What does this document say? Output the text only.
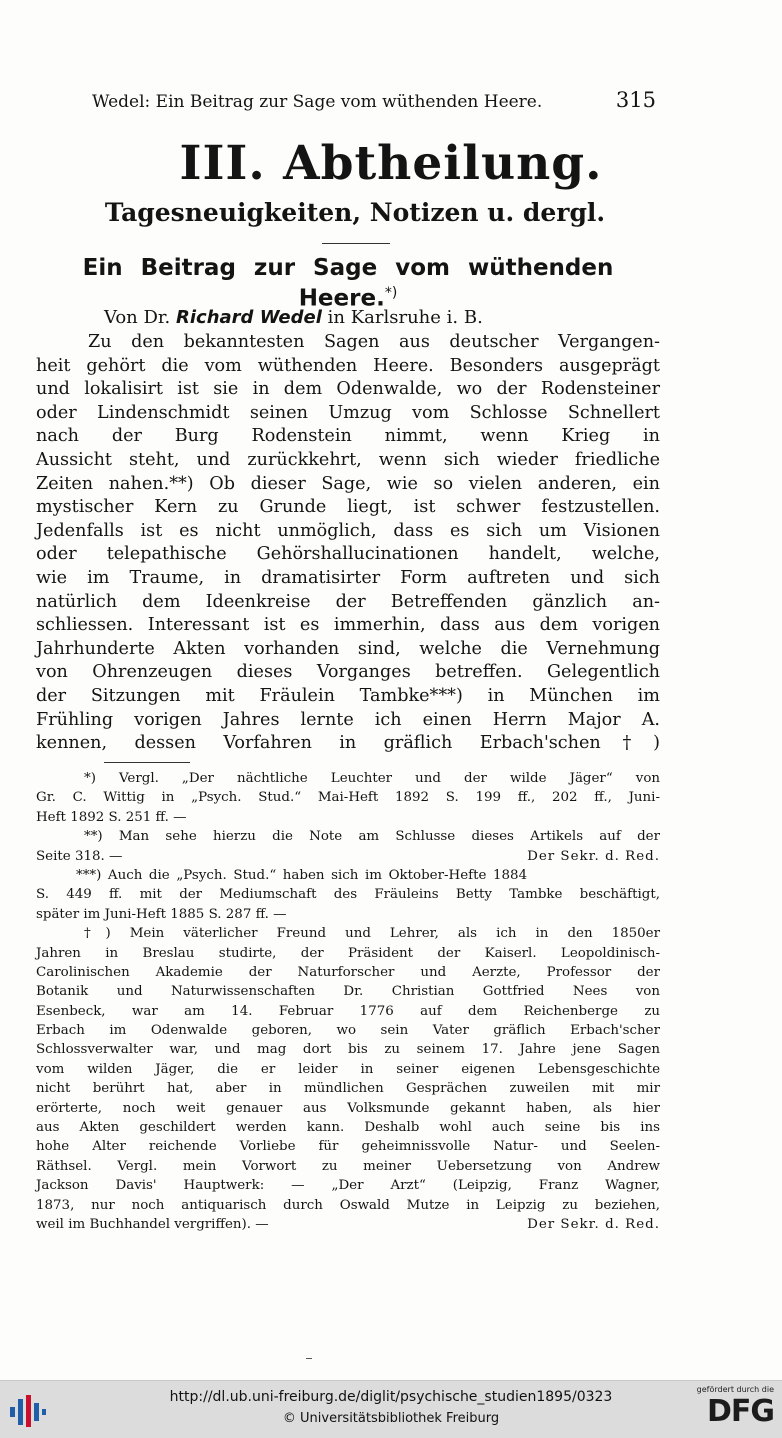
Wedel: Ein Beitrag zur Sage vom wüthenden Heere.	315
III. Abtheilung.
Tagesneuigkeiten, Notizen u. dergl.
Ein Beitrag zur Sage vom wüthenden Heere.*)
Von Dr. Richard Wedel in Karlsruhe i. B.
Zu den bekanntesten Sagen aus deutscher Vergangen-
heit gehört die vom wüthenden Heere. Besonders ausgeprägt
und lokalisirt ist sie in dem Odenwalde, wo der Rodensteiner
oder Lindenschmidt seinen Umzug vom Schlosse Schnellert
nach der Burg Rodenstein nimmt, wenn Krieg in
Aussicht steht, und zurückkehrt, wenn sich wieder friedliche
Zeiten nahen.**) Ob dieser Sage, wie so vielen anderen, ein
mystischer Kern zu Grunde liegt, ist schwer festzustellen.
Jedenfalls ist es nicht unmöglich, dass es sich um Visionen
oder telepathische Gehörshallucinationen handelt, welche,
wie im Traume, in dramatisirter Form auftreten und sich
natürlich dem Ideenkreise der Betreffenden gänzlich an-
schliessen. Interessant ist es immerhin, dass aus dem vorigen
Jahrhunderte Akten vorhanden sind, welche die Vernehmung
von Ohrenzeugen dieses Vorganges betreffen. Gelegentlich
der Sitzungen mit Fräulein Tambke***) in München im
Frühling vorigen Jahres lernte ich einen Herrn Major A.
kennen, dessen Vorfahren in gräflich Erbach'schen†)
*) Vergl. „Der nächtliche Leuchter und der wilde Jäger“ von
Gr. C. Wittig in „Psych. Stud.“ Mai-Heft 1892 S. 199 ff., 202 ff., Juni-
Heft 1892 S. 251 ff. —
**) Man sehe hierzu die Note am Schlusse dieses Artikels auf der
Seite 318. —	Der Sekr. d. Red.
***) Auch die „Psych. Stud.“ haben sich im Oktober-Hefte 1884
S. 449 ff. mit der Mediumschaft des Fräuleins Betty Tambke beschäftigt,
später im Juni-Heft 1885 S. 287 ff. —
†) Mein väterlicher Freund und Lehrer, als ich in den 1850er
Jahren in Breslau studirte, der Präsident der Kaiserl. Leopoldinisch-
Carolinischen Akademie der Naturforscher und Aerzte, Professor der
Botanik und Naturwissenschaften Dr. Christian Gottfried Nees von
Esenbeck, war am 14. Februar 1776 auf dem Reichenberge zu
Erbach im Odenwalde geboren, wo sein Vater gräflich Erbach'scher
Schlossverwalter war, und mag dort bis zu seinem 17. Jahre jene Sagen
vom wilden Jäger, die er leider in seiner eigenen Lebensgeschichte
nicht berührt hat, aber in mündlichen Gesprächen zuweilen mit mir
erörterte, noch weit genauer aus Volksmunde gekannt haben, als hier
aus Akten geschildert werden kann. Deshalb wohl auch seine bis ins
hohe Alter reichende Vorliebe für geheimnissvolle Natur- und Seelen-
Räthsel. Vergl. mein Vorwort zu meiner Uebersetzung von Andrew
Jackson Davis' Hauptwerk: — „Der Arzt“ (Leipzig, Franz Wagner,
1873, nur noch antiquarisch durch Oswald Mutze in Leipzig zu beziehen,
weil im Buchhandel vergriffen). —	Der Sekr. d. Red.
http://dl.ub.uni-freiburg.de/diglit/psychische_studien1895/0323
© Universitätsbibliothek Freiburg
gefördert durch die
DFG
